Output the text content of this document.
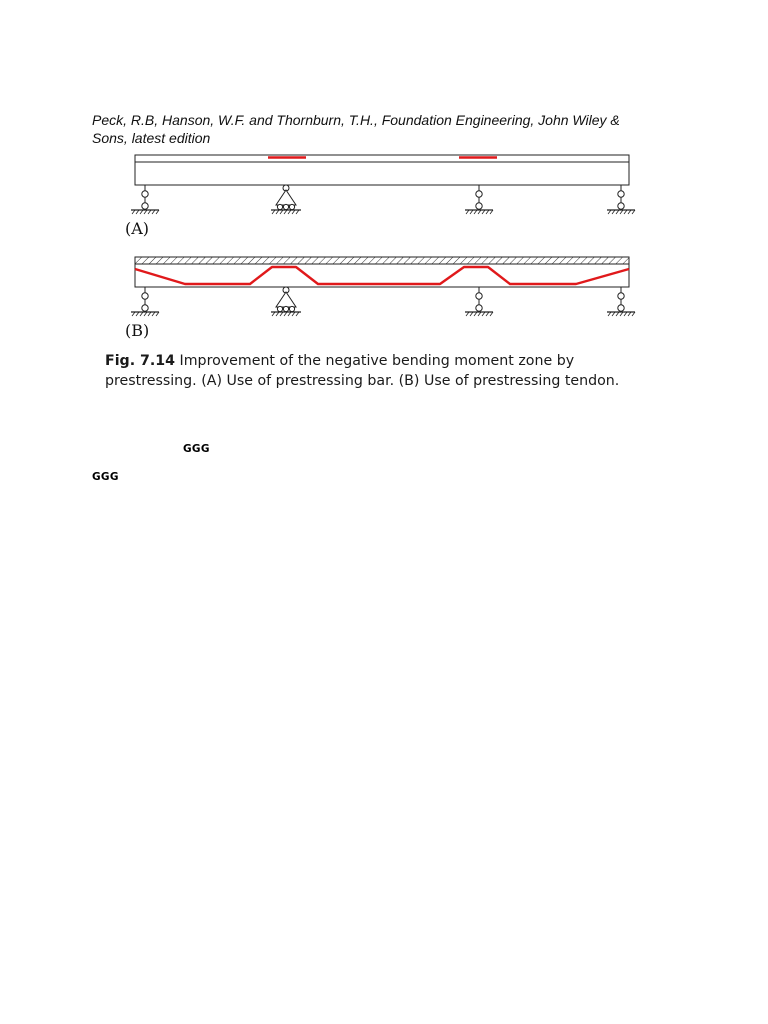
Peck, R.B, Hanson, W.F. and Thornburn, T.H., Foundation Engineering, John Wiley & Sons, latest edition
(A)
(B)
Fig. 7.14 Improvement of the negative bending moment zone by prestressing. (A) Use of prestressing bar. (B) Use of prestressing tendon.
GGG
GGG
